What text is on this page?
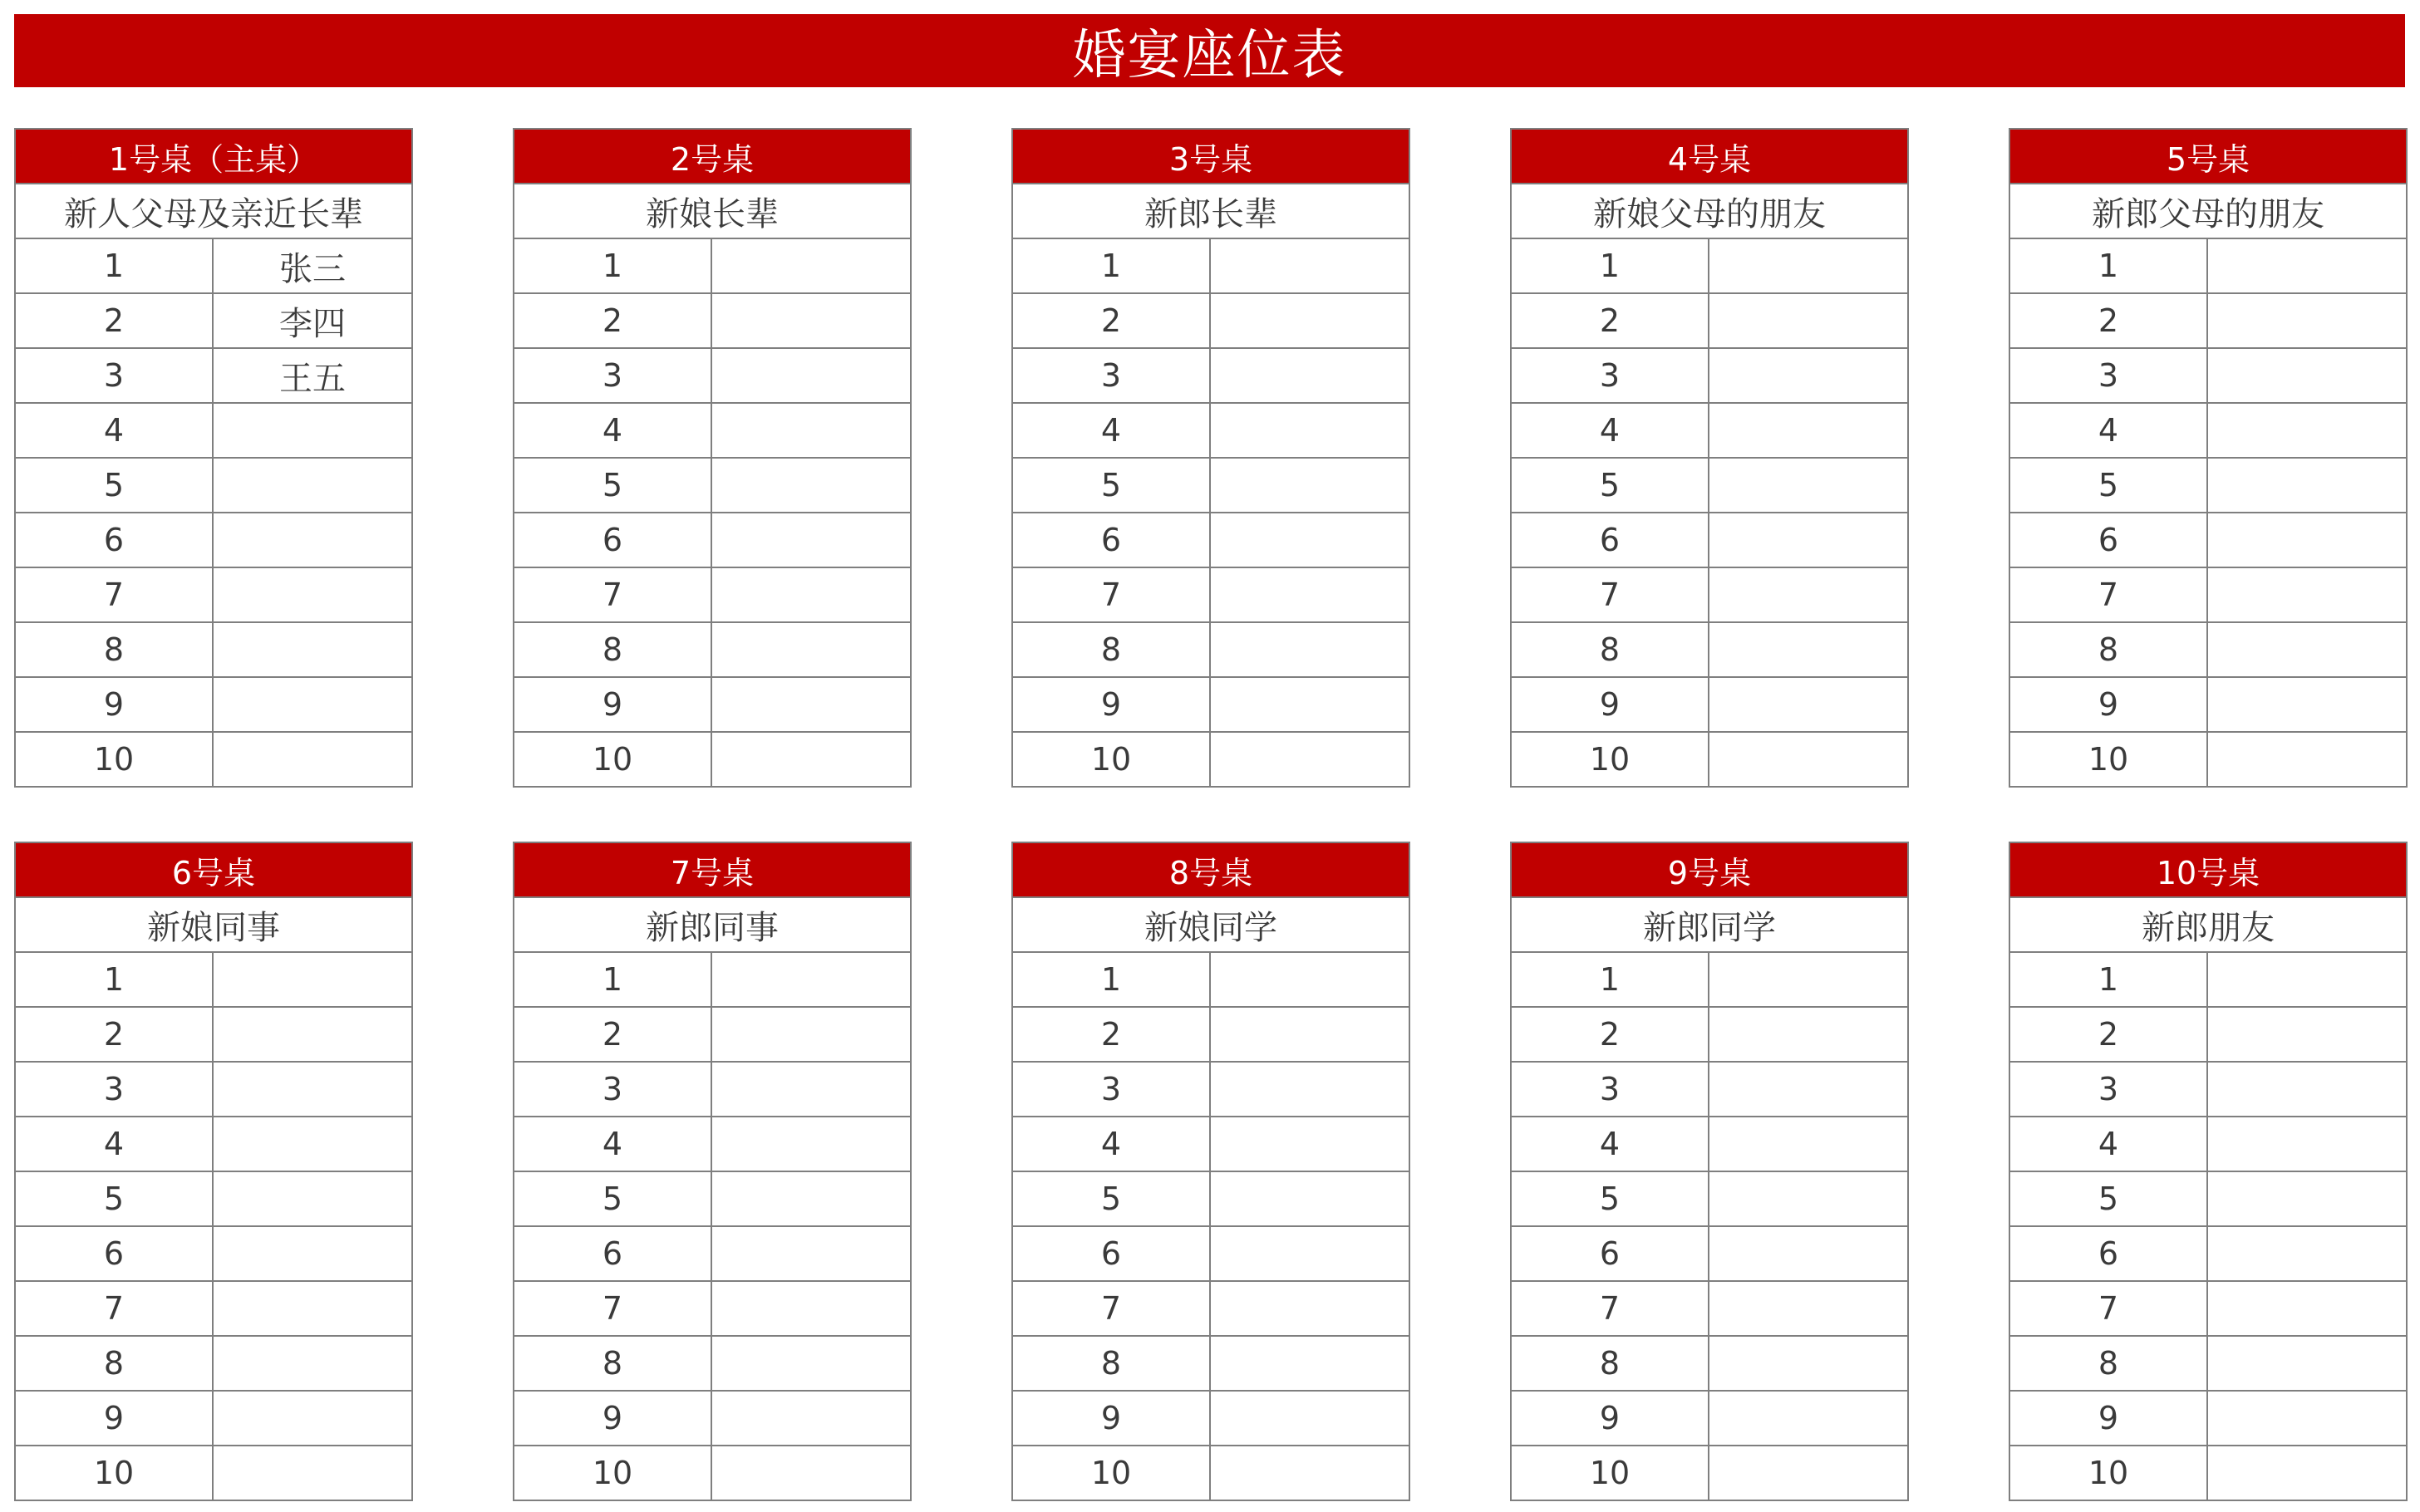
婚宴座位表
1号桌（主桌）
新人父母及亲近长辈
1	张三
2	李四
3	王五
4
5
6
7
8
9
10
2号桌
新娘长辈
1
2
3
4
5
6
7
8
9
10
3号桌
新郎长辈
1
2
3
4
5
6
7
8
9
10
4号桌
新娘父母的朋友
1
2
3
4
5
6
7
8
9
10
5号桌
新郎父母的朋友
1
2
3
4
5
6
7
8
9
10
6号桌
新娘同事
1
2
3
4
5
6
7
8
9
10
7号桌
新郎同事
1
2
3
4
5
6
7
8
9
10
8号桌
新娘同学
1
2
3
4
5
6
7
8
9
10
9号桌
新郎同学
1
2
3
4
5
6
7
8
9
10
10号桌
新郎朋友
1
2
3
4
5
6
7
8
9
10
